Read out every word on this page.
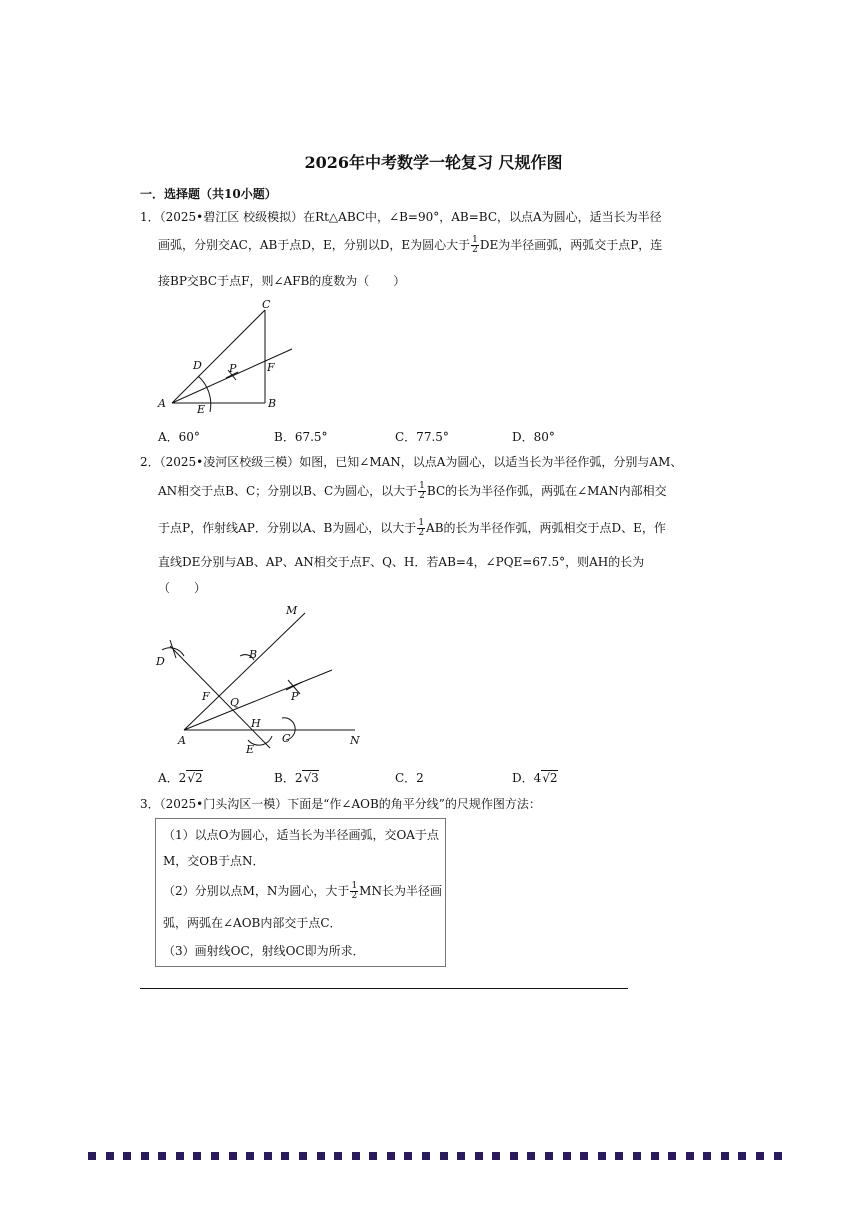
2026年中考数学一轮复习 尺规作图
一．选择题（共10小题）
1．（2025•碧江区 校级模拟）在Rt△ABC中，∠B=90°，AB=BC，以点A为圆心，适当长为半径
画弧，分别交AC，AB于点D，E，分别以D，E为圆心大于 $\frac{1}{2}$ DE为半径画弧，两弧交于点P，连
接BP交BC于点F，则∠AFB的度数为（　　）
C
D P	F
A	E	B
A．60°	B．67.5°	C．77.5°	D．80°
2．（2025•凌河区校级三模）如图，已知∠MAN，以点A为圆心，以适当长为半径作弧，分别与AM、
AN相交于点B、C；分别以B、C为圆心，以大于 $\frac{1}{2}$ BC的长为半径作弧，两弧在∠MAN内部相交
于点P，作射线AP．分别以A、B为圆心，以大于 $\frac{1}{2}$ AB的长为半径作弧，两弧相交于点D、E，作
直线DE分别与AB、AP、AN相交于点F、Q、H．若AB=4，∠PQE=67.5°，则AH的长为
（　　）
M
B
D
P
F Q
H
A
E
C	N
A．2√2	B．2√3	C．2	D．4√2
3．（2025•门头沟区一模）下面是“作∠AOB的角平分线”的尺规作图方法：
（1）以点O为圆心，适当长为半径画弧，交OA于点
M，交OB于点N．
（2）分别以点M，N为圆心，大于 $\frac{1}{2}$ MN长为半径画
弧，两弧在∠AOB内部交于点C．
（3）画射线OC，射线OC即为所求．
